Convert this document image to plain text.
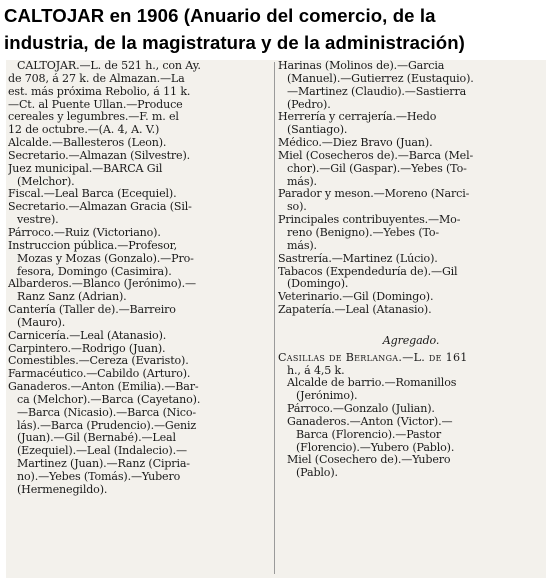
CALTOJAR en 1906 (Anuario del comercio, de la
industria, de la magistratura y de la administración)
CALTOJAR.—L. de 521 h., con Ay.
de 708, á 27 k. de Almazan.—La
est. más próxima Rebolio, á 11 k.
—Ct. al Puente Ullan.—Produce
cereales y legumbres.—F. m. el
12 de octubre.—(A. 4, A. V.)
Alcalde.—Ballesteros (Leon).
Secretario.—Almazan (Silvestre).
Juez municipal.—BARCA Gil
(Melchor).
Fiscal.—Leal Barca (Ecequiel).
Secretario.—Almazan Gracia (Sil-
vestre).
Párroco.—Ruiz (Victoriano).
Instruccion pública.—Profesor,
Mozas y Mozas (Gonzalo).—Pro-
fesora, Domingo (Casimira).
Albarderos.—Blanco (Jerónimo).—
Ranz Sanz (Adrian).
Cantería (Taller de).—Barreiro
(Mauro).
Carnicería.—Leal (Atanasio).
Carpintero.—Rodrigo (Juan).
Comestibles.—Cereza (Evaristo).
Farmacéutico.—Cabildo (Arturo).
Ganaderos.—Anton (Emilia).—Bar-
ca (Melchor).—Barca (Cayetano).
—Barca (Nicasio).—Barca (Nico-
lás).—Barca (Prudencio).—Geniz
(Juan).—Gil (Bernabé).—Leal
(Ezequiel).—Leal (Indalecio).—
Martinez (Juan).—Ranz (Cipria-
no).—Yebes (Tomás).—Yubero
(Hermenegildo).
Harinas (Molinos de).—Garcia
(Manuel).—Gutierrez (Eustaquio).
—Martinez (Claudio).—Sastierra
(Pedro).
Herrería y cerrajería.—Hedo
(Santiago).
Médico.—Diez Bravo (Juan).
Miel (Cosecheros de).—Barca (Mel-
chor).—Gil (Gaspar).—Yebes (To-
más).
Parador y meson.—Moreno (Narci-
so).
Principales contribuyentes.—Mo-
reno (Benigno).—Yebes (To-
más).
Sastrería.—Martinez (Lúcio).
Tabacos (Expendeduría de).—Gil
(Domingo).
Veterinario.—Gil (Domingo).
Zapatería.—Leal (Atanasio).
Agregado.
Casillas de Berlanga.—L. de 161
h., á 4,5 k.
Alcalde de barrio.—Romanillos
(Jerónimo).
Párroco.—Gonzalo (Julian).
Ganaderos.—Anton (Victor).—
Barca (Florencio).—Pastor
(Florencio).—Yubero (Pablo).
Miel (Cosechero de).—Yubero
(Pablo).
